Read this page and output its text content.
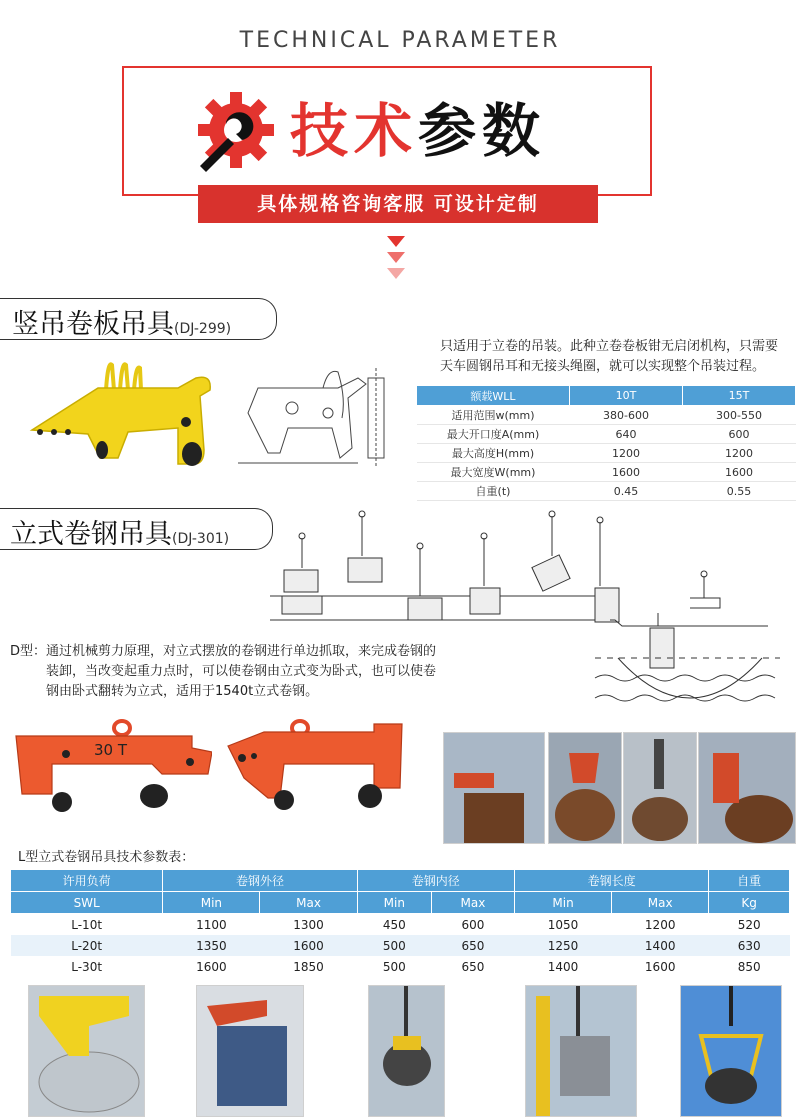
TECHNICAL PARAMETER
技术参数
具体规格咨询客服 可设计定制
竖吊卷板吊具(DJ-299)
只适用于立卷的吊装。此种立卷卷板钳无启闭机构，只需要
天车圆钢吊耳和无接头绳圈，就可以实现整个吊装过程。
额载WLL	10T	15T
适用范围w(mm)	380-600	300-550
最大开口度A(mm)	640	600
最大高度H(mm)	1200	1200
最大宽度W(mm)	1600	1600
自重(t)	0.45	0.55
立式卷钢吊具(DJ-301)
D型：通过机械剪力原理，对立式摆放的卷钢进行单边抓取，来完成卷钢的
装卸，当改变起重力点时，可以使卷钢由立式变为卧式，也可以使卷
钢由卧式翻转为立式，适用于1540t立式卷钢。
30 T
L型立式卷钢吊具技术参数表：
许用负荷	卷钢外径		卷钢内径		卷钢长度		自重
SWL	Min	Max	Min	Max	Min	Max	Kg
L-10t	1100	1300	450	600	1050	1200	520
L-20t	1350	1600	500	650	1250	1400	630
L-30t	1600	1850	500	650	1400	1600	850
